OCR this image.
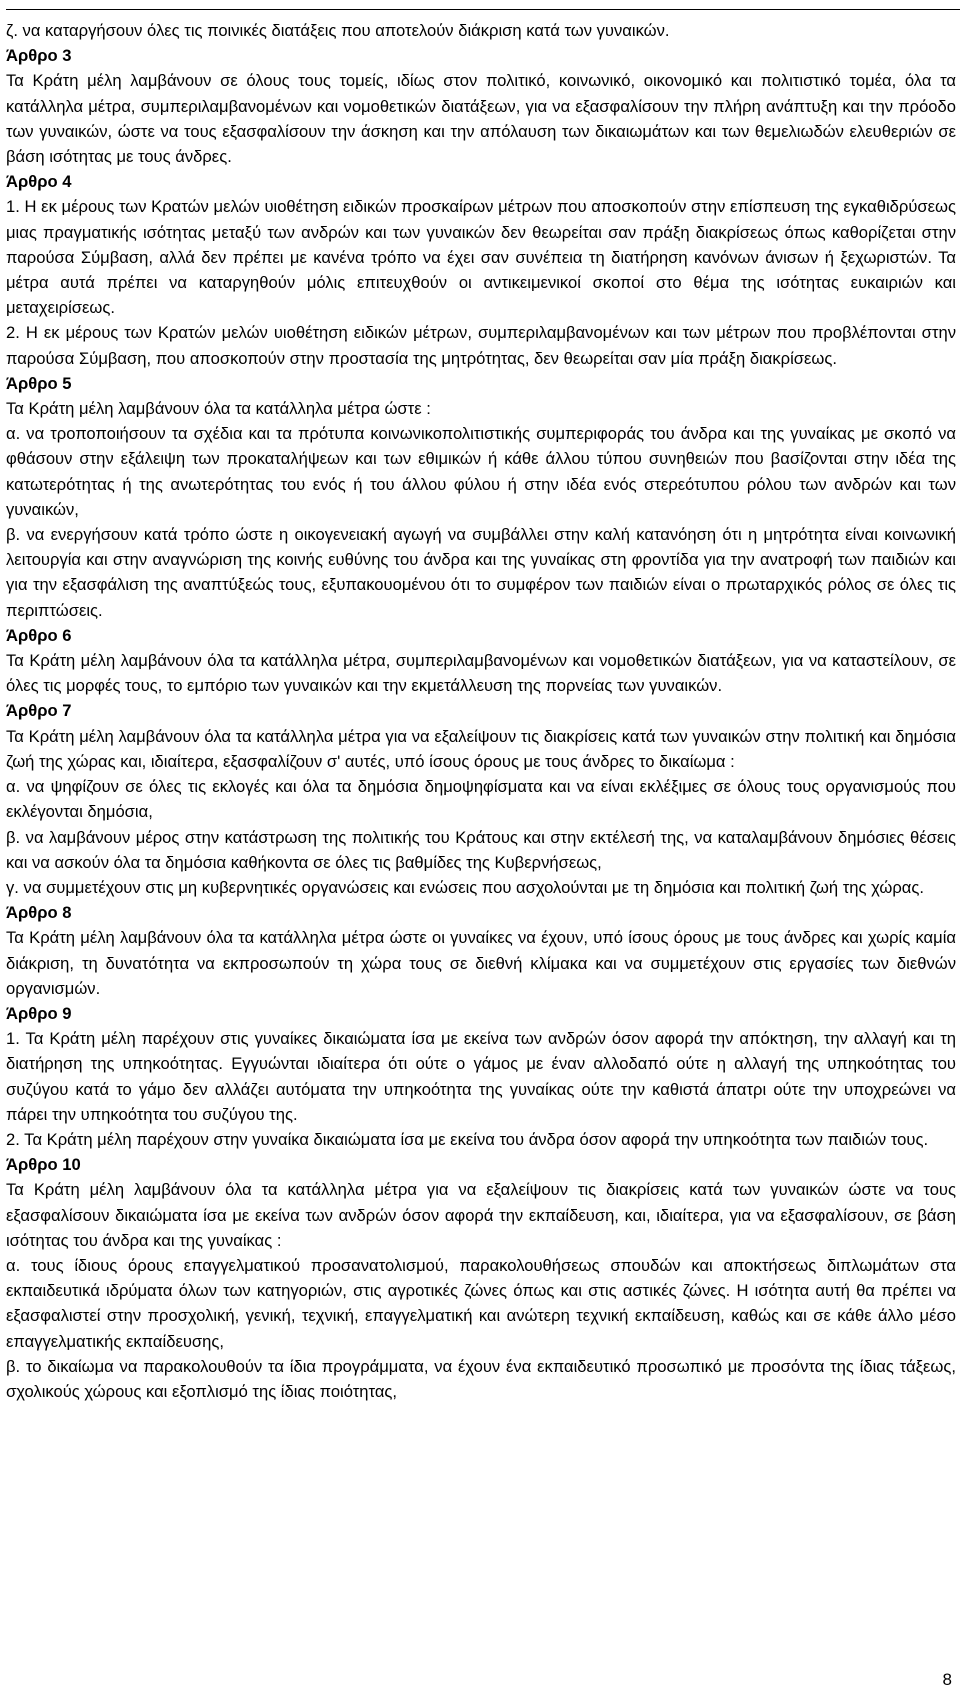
ζ. να καταργήσουν όλες τις ποινικές διατάξεις που αποτελούν διάκριση κατά των γυναικών.

Άρθρο 3

Τα Κράτη μέλη λαμβάνουν σε όλους τους τομείς, ιδίως στον πολιτικό, κοινωνικό, οικονομικό και πολιτιστικό τομέα, όλα τα κατάλληλα μέτρα, συμπεριλαμβανομένων και νομοθετικών διατάξεων, για να εξασφαλίσουν την πλήρη ανάπτυξη και την πρόοδο των γυναικών, ώστε να τους εξασφαλίσουν την άσκηση και την απόλαυση των δικαιωμάτων και των θεμελιωδών ελευθεριών σε βάση ισότητας με τους άνδρες.

Άρθρο 4

1. Η εκ μέρους των Κρατών μελών υιοθέτηση ειδικών προσκαίρων μέτρων που αποσκοπούν στην επίσπευση της εγκαθιδρύσεως μιας πραγματικής ισότητας μεταξύ των ανδρών και των γυναικών δεν θεωρείται σαν πράξη διακρίσεως όπως καθορίζεται στην παρούσα Σύμβαση, αλλά δεν πρέπει με κανένα τρόπο να έχει σαν συνέπεια τη διατήρηση κανόνων άνισων ή ξεχωριστών. Τα μέτρα αυτά πρέπει να καταργηθούν μόλις επιτευχθούν οι αντικειμενικοί σκοποί στο θέμα της ισότητας ευκαιριών και μεταχειρίσεως.

2. Η εκ μέρους των Κρατών μελών υιοθέτηση ειδικών μέτρων, συμπεριλαμβανομένων και των μέτρων που προβλέπονται στην παρούσα Σύμβαση, που αποσκοπούν στην προστασία της μητρότητας, δεν θεωρείται σαν μία πράξη διακρίσεως.

Άρθρο 5

Τα Κράτη μέλη λαμβάνουν όλα τα κατάλληλα μέτρα ώστε :

α. να τροποποιήσουν τα σχέδια και τα πρότυπα κοινωνικοπολιτιστικής συμπεριφοράς του άνδρα και της γυναίκας με σκοπό να φθάσουν στην εξάλειψη των προκαταλήψεων και των εθιμικών ή κάθε άλλου τύπου συνηθειών που βασίζονται στην ιδέα της κατωτερότητας ή της ανωτερότητας του ενός ή του άλλου φύλου ή στην ιδέα ενός στερεότυπου ρόλου των ανδρών και των γυναικών,

β. να ενεργήσουν κατά τρόπο ώστε η οικογενειακή αγωγή να συμβάλλει στην καλή κατανόηση ότι η μητρότητα είναι κοινωνική λειτουργία και στην αναγνώριση της κοινής ευθύνης του άνδρα και της γυναίκας στη φροντίδα για την ανατροφή των παιδιών και για την εξασφάλιση της αναπτύξεώς τους, εξυπακουομένου ότι το συμφέρον των παιδιών είναι ο πρωταρχικός ρόλος σε όλες τις περιπτώσεις.

Άρθρο 6

Τα Κράτη μέλη λαμβάνουν όλα τα κατάλληλα μέτρα, συμπεριλαμβανομένων και νομοθετικών διατάξεων, για να καταστείλουν, σε όλες τις μορφές τους, το εμπόριο των γυναικών και την εκμετάλλευση της πορνείας των γυναικών.

Άρθρο 7

Τα Κράτη μέλη λαμβάνουν όλα τα κατάλληλα μέτρα για να εξαλείψουν τις διακρίσεις κατά των γυναικών στην πολιτική και δημόσια ζωή της χώρας και, ιδιαίτερα, εξασφαλίζουν σ' αυτές, υπό ίσους όρους με τους άνδρες το δικαίωμα :

α. να ψηφίζουν σε όλες τις εκλογές και όλα τα δημόσια δημοψηφίσματα και να είναι εκλέξιμες σε όλους τους οργανισμούς που εκλέγονται δημόσια,

β. να λαμβάνουν μέρος στην κατάστρωση της πολιτικής του Κράτους και στην εκτέλεσή της, να καταλαμβάνουν δημόσιες θέσεις και να ασκούν όλα τα δημόσια καθήκοντα σε όλες τις βαθμίδες της Κυβερνήσεως,

γ. να συμμετέχουν στις μη κυβερνητικές οργανώσεις και ενώσεις που ασχολούνται με τη δημόσια και πολιτική ζωή της χώρας.

Άρθρο 8

Τα Κράτη μέλη λαμβάνουν όλα τα κατάλληλα μέτρα ώστε οι γυναίκες να έχουν, υπό ίσους όρους με τους άνδρες και χωρίς καμία διάκριση, τη δυνατότητα να εκπροσωπούν τη χώρα τους σε διεθνή κλίμακα και να συμμετέχουν στις εργασίες των διεθνών οργανισμών.

Άρθρο 9

1. Τα Κράτη μέλη παρέχουν στις γυναίκες δικαιώματα ίσα με εκείνα των ανδρών όσον αφορά την απόκτηση, την αλλαγή και τη διατήρηση της υπηκοότητας. Εγγυώνται ιδιαίτερα ότι ούτε ο γάμος με έναν αλλοδαπό ούτε η αλλαγή της υπηκοότητας του συζύγου κατά το γάμο δεν αλλάζει αυτόματα την υπηκοότητα της γυναίκας ούτε την καθιστά άπατρι ούτε την υποχρεώνει να πάρει την υπηκοότητα του συζύγου της.

2. Τα Κράτη μέλη παρέχουν στην γυναίκα δικαιώματα ίσα με εκείνα του άνδρα όσον αφορά την υπηκοότητα των παιδιών τους.

Άρθρο 10

Τα Κράτη μέλη λαμβάνουν όλα τα κατάλληλα μέτρα για να εξαλείψουν τις διακρίσεις κατά των γυναικών ώστε να τους εξασφαλίσουν δικαιώματα ίσα με εκείνα των ανδρών όσον αφορά την εκπαίδευση, και, ιδιαίτερα, για να εξασφαλίσουν, σε βάση ισότητας του άνδρα και της γυναίκας :

α. τους ίδιους όρους επαγγελματικού προσανατολισμού, παρακολουθήσεως σπουδών και αποκτήσεως διπλωμάτων στα εκπαιδευτικά ιδρύματα όλων των κατηγοριών, στις αγροτικές ζώνες όπως και στις αστικές ζώνες. Η ισότητα αυτή θα πρέπει να εξασφαλιστεί στην προσχολική, γενική, τεχνική, επαγγελματική και ανώτερη τεχνική εκπαίδευση, καθώς και σε κάθε άλλο μέσο επαγγελματικής εκπαίδευσης,

β. το δικαίωμα να παρακολουθούν τα ίδια προγράμματα, να έχουν ένα εκπαιδευτικό προσωπικό με προσόντα της ίδιας τάξεως, σχολικούς χώρους και εξοπλισμό της ίδιας ποιότητας,

8
